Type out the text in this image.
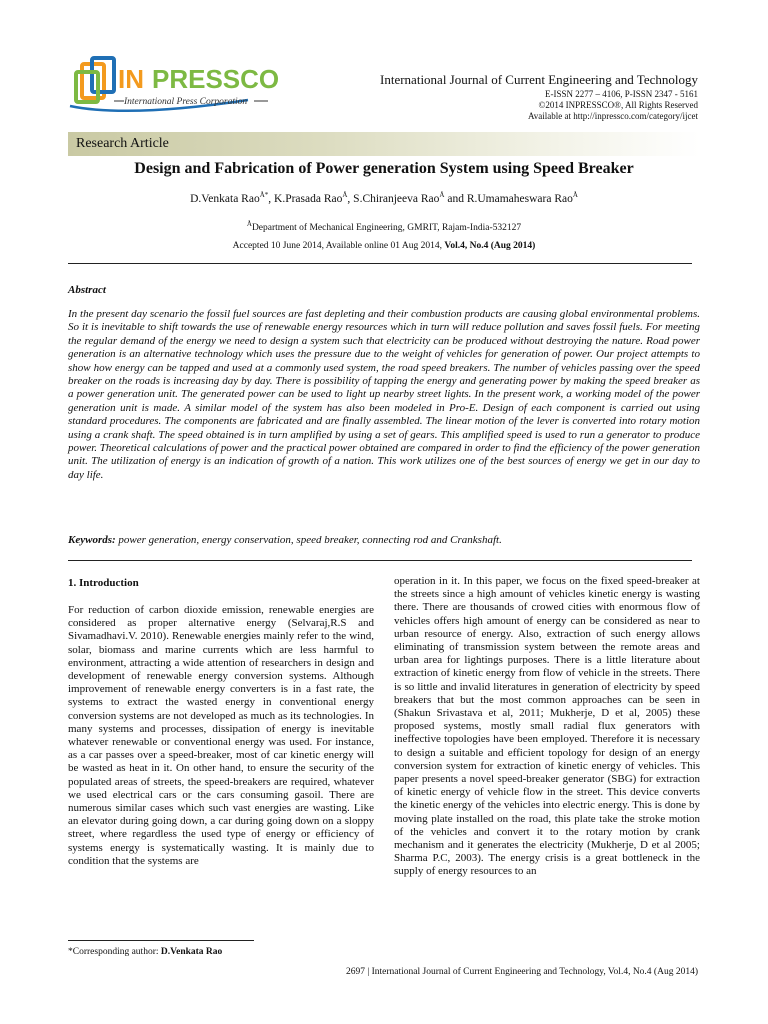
IN PRESSCO
International Press Corporation
International Journal of Current Engineering and Technology
E-ISSN 2277 – 4106, P-ISSN 2347 - 5161
©2014 INPRESSCO®, All Rights Reserved
Available at http://inpressco.com/category/ijcet
Research Article
Design and Fabrication of Power generation System using Speed Breaker
D.Venkata Rao$^{Å*}$, K.Prasada Rao$^Å$, S.Chiranjeeva Rao$^Å$ and R.Umamaheswara Rao$^Å$
$^Å$Department of Mechanical Engineering, GMRIT, Rajam-India-532127
Accepted 10 June 2014, Available online 01 Aug 2014, Vol.4, No.4 (Aug 2014)
Abstract

In the present day scenario the fossil fuel sources are fast depleting and their combustion products are causing global environmental problems. So it is inevitable to shift towards the use of renewable energy resources which in turn will reduce pollution and saves fossil fuels. For meeting the regular demand of the energy we need to design a system such that electricity can be produced without destroying the nature. Road power generation is an alternative technology which uses the pressure due to the weight of vehicles for generation of power. Our project attempts to show how energy can be tapped and used at a commonly used system, the road speed breakers. The number of vehicles passing over the speed breaker on the roads is increasing day by day. There is possibility of tapping the energy and generating power by making the speed breaker as a power generation unit. The generated power can be used to light up nearby street lights. In the present work, a working model of the power generation unit is made. A similar model of the system has also been modeled in Pro-E. Design of each component is carried out using standard procedures. The components are fabricated and are finally assembled. The linear motion of the lever is converted into rotary motion using a crank shaft. The speed obtained is in turn amplified by using a set of gears. This amplified speed is used to run a generator to produce power. Theoretical calculations of power and the practical power obtained are compared in order to find the efficiency of the power generation unit. The utilization of energy is an indication of growth of a nation. This work utilizes one of the best sources of energy we get in our day to day life.

Keywords: power generation, energy conservation, speed breaker, connecting rod and Crankshaft.
1. Introduction

For reduction of carbon dioxide emission, renewable energies are considered as proper alternative energy (Selvaraj,R.S and Sivamadhavi.V. 2010). Renewable energies mainly refer to the wind, solar, biomass and marine currents which are less harmful to environment, attracting a wide attention of researchers in design and development of renewable energy conversion systems. Although improvement of renewable energy converters is in a fast rate, the systems to extract the wasted energy in conventional energy conversion systems are not developed as much as its technologies. In many systems and processes, dissipation of energy is inevitable whatever renewable or conventional energy was used. For instance, as a car passes over a speed-breaker, most of car kinetic energy will be wasted as heat in it. On other hand, to ensure the security of the populated areas of streets, the speed-breakers are required, whatever we used electrical cars or the cars consuming gasoil. There are numerous similar cases which such vast energies are wasting. Like an elevator during going down, a car during going down on a sloppy street, where regardless the used type of energy or efficiency of systems energy is systematically wasting. It is mainly due to condition that the systems are

operation in it. In this paper, we focus on the fixed speed-breaker at the streets since a high amount of vehicles kinetic energy is wasting there. There are thousands of crowed cities with enormous flow of vehicles offers high amount of energy can be considered as near to urban resource of energy. Also, extraction of such energy allows eliminating of transmission system between the remote areas and urban area for lightings purposes. There is a little literature about extraction of kinetic energy from flow of vehicle in the streets. There is so little and invalid literatures in generation of electricity by speed breakers that but the most common approaches can be seen in (Shakun Srivastava et al, 2011; Mukherje, D et al, 2005) these proposed systems, mostly small radial flux generators with ineffective topologies have been employed. Therefore it is necessary to design a suitable and efficient topology for design of an energy conversion system for extraction of kinetic energy of vehicles. This paper presents a novel speed-breaker generator (SBG) for extraction of kinetic energy of vehicle flow in the street. This device converts the kinetic energy of the vehicles into electric energy. This is done by moving plate installed on the road, this plate take the stroke motion of the vehicles and convert it to the rotary motion by crank mechanism and it generates the electricity (Mukherje, D et al 2005; Sharma P.C, 2003). The energy crisis is a great bottleneck in the supply of energy resources to an

*Corresponding author: D.Venkata Rao
2697 | International Journal of Current Engineering and Technology, Vol.4, No.4 (Aug 2014)
